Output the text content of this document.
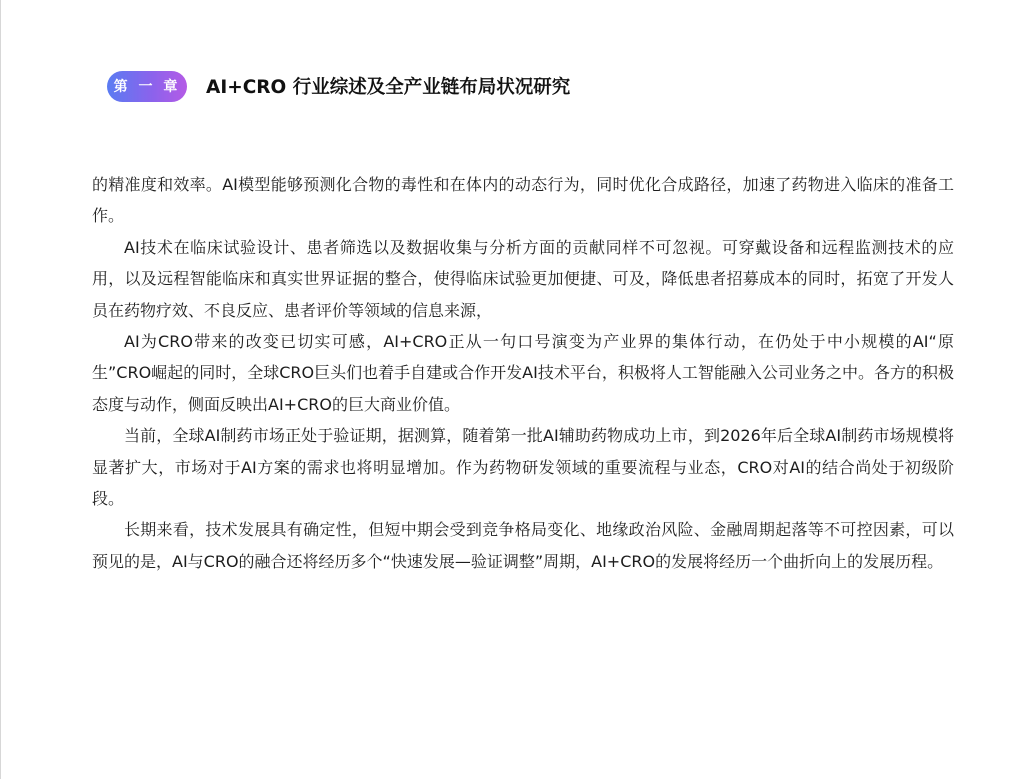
第 一 章	AI+CRO 行业综述及全产业链布局状况研究

的精准度和效率。AI模型能够预测化合物的毒性和在体内的动态行为，同时优化合成路径，加速了药物进入临床的准备工作。

AI技术在临床试验设计、患者筛选以及数据收集与分析方面的贡献同样不可忽视。可穿戴设备和远程监测技术的应用，以及远程智能临床和真实世界证据的整合，使得临床试验更加便捷、可及，降低患者招募成本的同时，拓宽了开发人员在药物疗效、不良反应、患者评价等领域的信息来源，

AI为CRO带来的改变已切实可感，AI+CRO正从一句口号演变为产业界的集体行动，在仍处于中小规模的AI“原生”CRO崛起的同时，全球CRO巨头们也着手自建或合作开发AI技术平台，积极将人工智能融入公司业务之中。各方的积极态度与动作，侧面反映出AI+CRO的巨大商业价值。

当前，全球AI制药市场正处于验证期，据测算，随着第一批AI辅助药物成功上市，到2026年后全球AI制药市场规模将显著扩大，市场对于AI方案的需求也将明显增加。作为药物研发领域的重要流程与业态，CRO对AI的结合尚处于初级阶段。

长期来看，技术发展具有确定性，但短中期会受到竞争格局变化、地缘政治风险、金融周期起落等不可控因素，可以预见的是，AI与CRO的融合还将经历多个“快速发展—验证调整”周期，AI+CRO的发展将经历一个曲折向上的发展历程。
